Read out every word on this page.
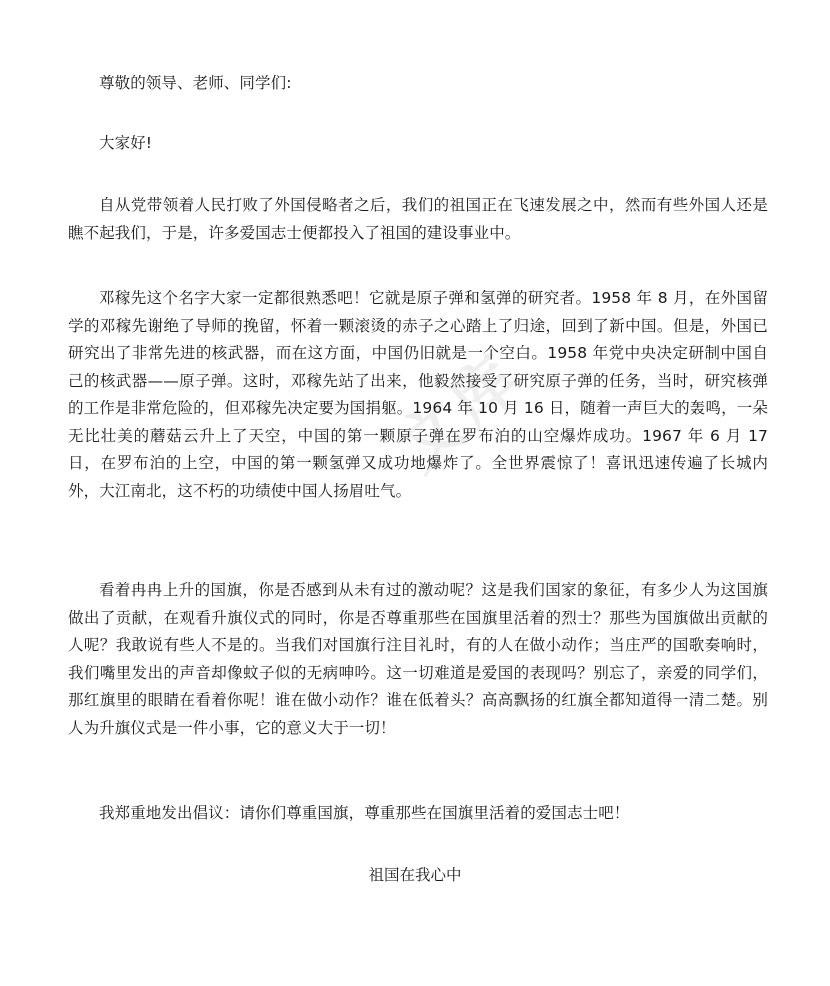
尊敬的领导、老师、同学们:

大家好!

自从党带领着人民打败了外国侵略者之后，我们的祖国正在飞速发展之中，然而有些外国人还是瞧不起我们，于是，许多爱国志士便都投入了祖国的建设事业中。

邓稼先这个名字大家一定都很熟悉吧！它就是原子弹和氢弹的研究者。1958 年 8 月，在外国留学的邓稼先谢绝了导师的挽留，怀着一颗滚烫的赤子之心踏上了归途，回到了新中国。但是，外国已研究出了非常先进的核武器，而在这方面，中国仍旧就是一个空白。1958 年党中央决定研制中国自己的核武器——原子弹。这时，邓稼先站了出来，他毅然接受了研究原子弹的任务，当时，研究核弹的工作是非常危险的，但邓稼先决定要为国捐躯。1964 年 10 月 16 日，随着一声巨大的轰鸣，一朵无比壮美的蘑菇云升上了天空，中国的第一颗原子弹在罗布泊的山空爆炸成功。1967 年 6 月 17 日，在罗布泊的上空，中国的第一颗氢弹又成功地爆炸了。全世界震惊了！喜讯迅速传遍了长城内外，大江南北，这不朽的功绩使中国人扬眉吐气。

看着冉冉上升的国旗，你是否感到从未有过的激动呢？这是我们国家的象征，有多少人为这国旗做出了贡献，在观看升旗仪式的同时，你是否尊重那些在国旗里活着的烈士？那些为国旗做出贡献的人呢？我敢说有些人不是的。当我们对国旗行注目礼时，有的人在做小动作；当庄严的国歌奏响时，我们嘴里发出的声音却像蚊子似的无病呻吟。这一切难道是爱国的表现吗？别忘了，亲爱的同学们，那红旗里的眼睛在看着你呢！谁在做小动作？谁在低着头？高高飘扬的红旗全都知道得一清二楚。别人为升旗仪式是一件小事，它的意义大于一切！

我郑重地发出倡议：请你们尊重国旗，尊重那些在国旗里活着的爱国志士吧！

祖国在我心中

文库
